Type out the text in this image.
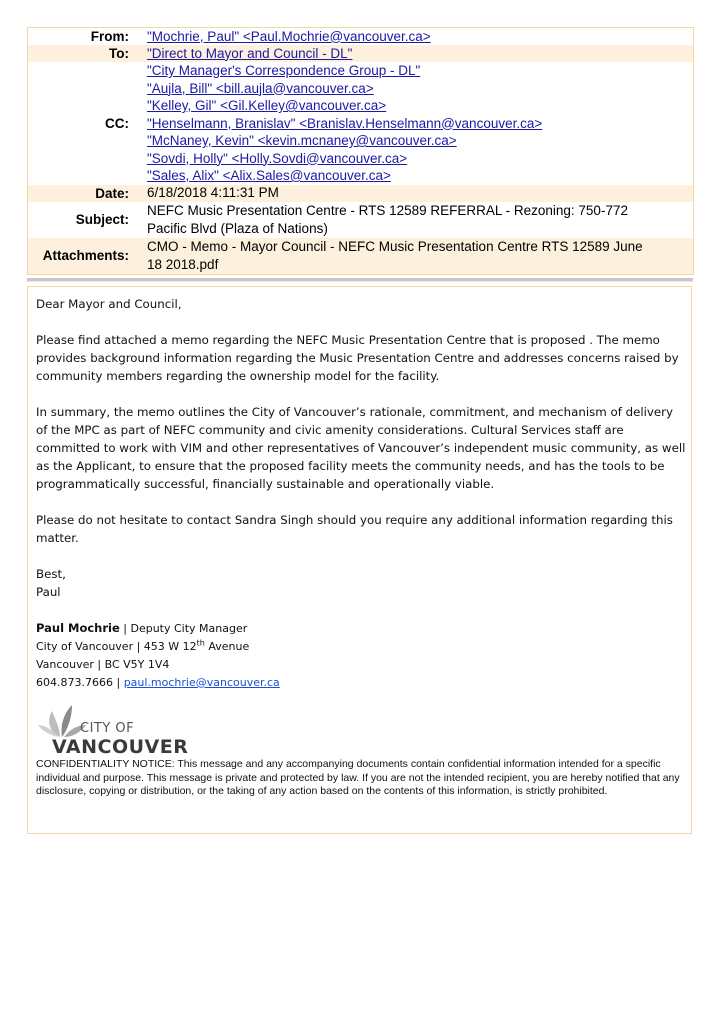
From:	"Mochrie, Paul" <Paul.Mochrie@vancouver.ca>
To:	"Direct to Mayor and Council - DL"
CC:
"City Manager's Correspondence Group - DL"
"Aujla, Bill" <bill.aujla@vancouver.ca>
"Kelley, Gil" <Gil.Kelley@vancouver.ca>
"Henselmann, Branislav" <Branislav.Henselmann@vancouver.ca>
"McNaney, Kevin" <kevin.mcnaney@vancouver.ca>
"Sovdi, Holly" <Holly.Sovdi@vancouver.ca>
"Sales, Alix" <Alix.Sales@vancouver.ca>
Date:	6/18/2018 4:11:31 PM
Subject:
NEFC Music Presentation Centre - RTS 12589 REFERRAL - Rezoning: 750-772
Pacific Blvd (Plaza of Nations)
Attachments:
CMO - Memo - Mayor Council - NEFC Music Presentation Centre RTS 12589 June
18 2018.pdf

Dear Mayor and Council,

Please find attached a memo regarding the NEFC Music Presentation Centre that is proposed . The memo provides background information regarding the Music Presentation Centre and addresses concerns raised by community members regarding the ownership model for the facility.

In summary, the memo outlines the City of Vancouver’s rationale, commitment, and mechanism of delivery of the MPC as part of NEFC community and civic amenity considerations. Cultural Services staff are committed to work with VIM and other representatives of Vancouver’s independent music community, as well as the Applicant, to ensure that the proposed facility meets the community needs, and has the tools to be programmatically successful, financially sustainable and operationally viable.

Please do not hesitate to contact Sandra Singh should you require any additional information regarding this matter.

Best,
Paul

Paul Mochrie | Deputy City Manager
City of Vancouver | 453 W 12th Avenue
Vancouver | BC V5Y 1V4
604.873.7666 | paul.mochrie@vancouver.ca
CITY OF
VANCOUVER
CONFIDENTIALITY NOTICE: This message and any accompanying documents contain confidential information intended for a specific individual and purpose. This message is private and protected by law. If you are not the intended recipient, you are hereby notified that any disclosure, copying or distribution, or the taking of any action based on the contents of this information, is strictly prohibited.
